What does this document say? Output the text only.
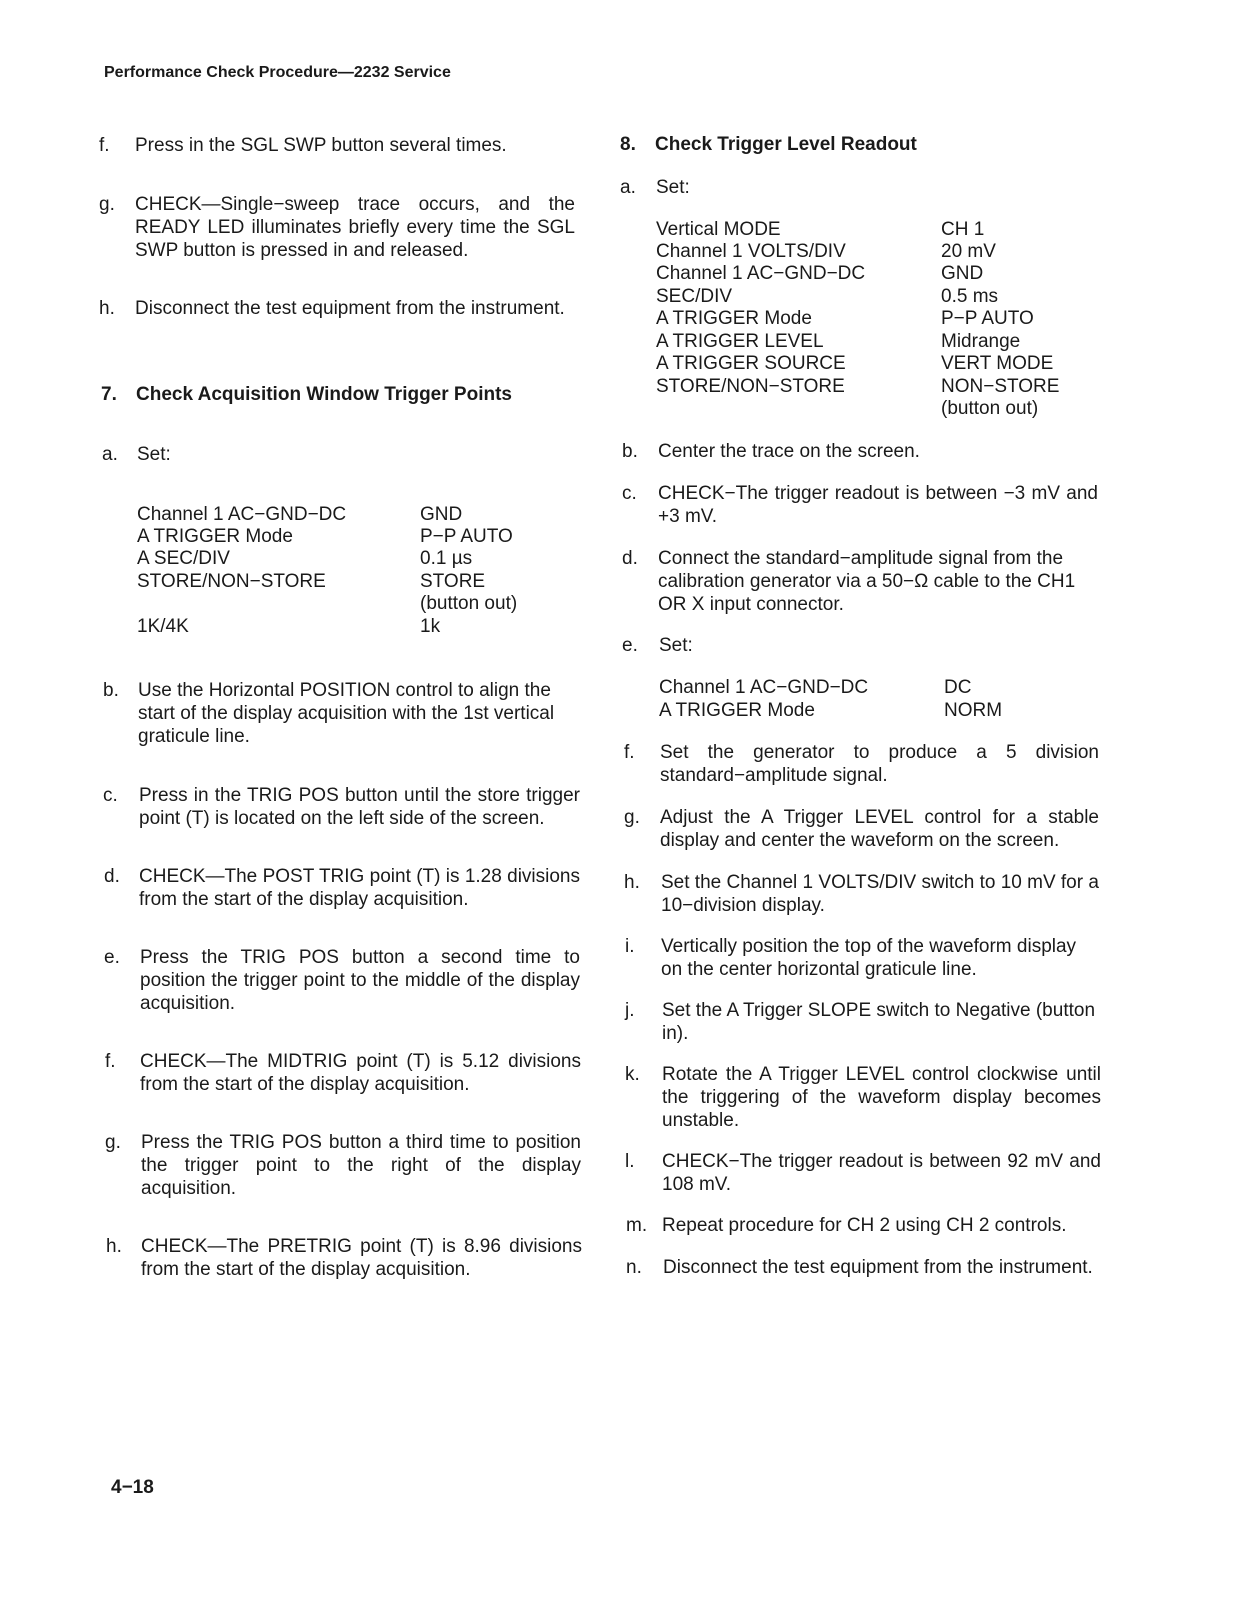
Performance Check Procedure—2232 Service
f. Press in the SGL SWP button several times.
g. CHECK—Single−sweep trace occurs, and the READY LED illuminates briefly every time the SGL SWP button is pressed in and released.
h. Disconnect the test equipment from the instrument.
7. Check Acquisition Window Trigger Points
a. Set:
Channel 1 AC−GND−DC	GND
A TRIGGER Mode	P−P AUTO
A SEC/DIV	0.1 µs
STORE/NON−STORE	STORE
(button out)
1K/4K	1k
b. Use the Horizontal POSITION control to align the start of the display acquisition with the 1st vertical graticule line.
c. Press in the TRIG POS button until the store trigger point (T) is located on the left side of the screen.
d. CHECK—The POST TRIG point (T) is 1.28 divisions from the start of the display acquisition.
e. Press the TRIG POS button a second time to position the trigger point to the middle of the display acquisition.
f. CHECK—The MIDTRIG point (T) is 5.12 divisions from the start of the display acquisition.
g. Press the TRIG POS button a third time to position the trigger point to the right of the display acquisition.
h. CHECK—The PRETRIG point (T) is 8.96 divisions from the start of the display acquisition.
8. Check Trigger Level Readout
a. Set:
Vertical MODE	CH 1
Channel 1 VOLTS/DIV	20 mV
Channel 1 AC−GND−DC	GND
SEC/DIV	0.5 ms
A TRIGGER Mode	P−P AUTO
A TRIGGER LEVEL	Midrange
A TRIGGER SOURCE	VERT MODE
STORE/NON−STORE	NON−STORE
(button out)
b. Center the trace on the screen.
c. CHECK−The trigger readout is between −3 mV and +3 mV.
d. Connect the standard−amplitude signal from the calibration generator via a 50−Ω cable to the CH1 OR X input connector.
e. Set:
Channel 1 AC−GND−DC	DC
A TRIGGER Mode	NORM
f. Set the generator to produce a 5 division standard−amplitude signal.
g. Adjust the A Trigger LEVEL control for a stable display and center the waveform on the screen.
h. Set the Channel 1 VOLTS/DIV switch to 10 mV for a 10−division display.
i. Vertically position the top of the waveform display on the center horizontal graticule line.
j. Set the A Trigger SLOPE switch to Negative (button in).
k. Rotate the A Trigger LEVEL control clockwise until the triggering of the waveform display becomes unstable.
l. CHECK−The trigger readout is between 92 mV and 108 mV.
m. Repeat procedure for CH 2 using CH 2 controls.
n. Disconnect the test equipment from the instrument.
4−18
